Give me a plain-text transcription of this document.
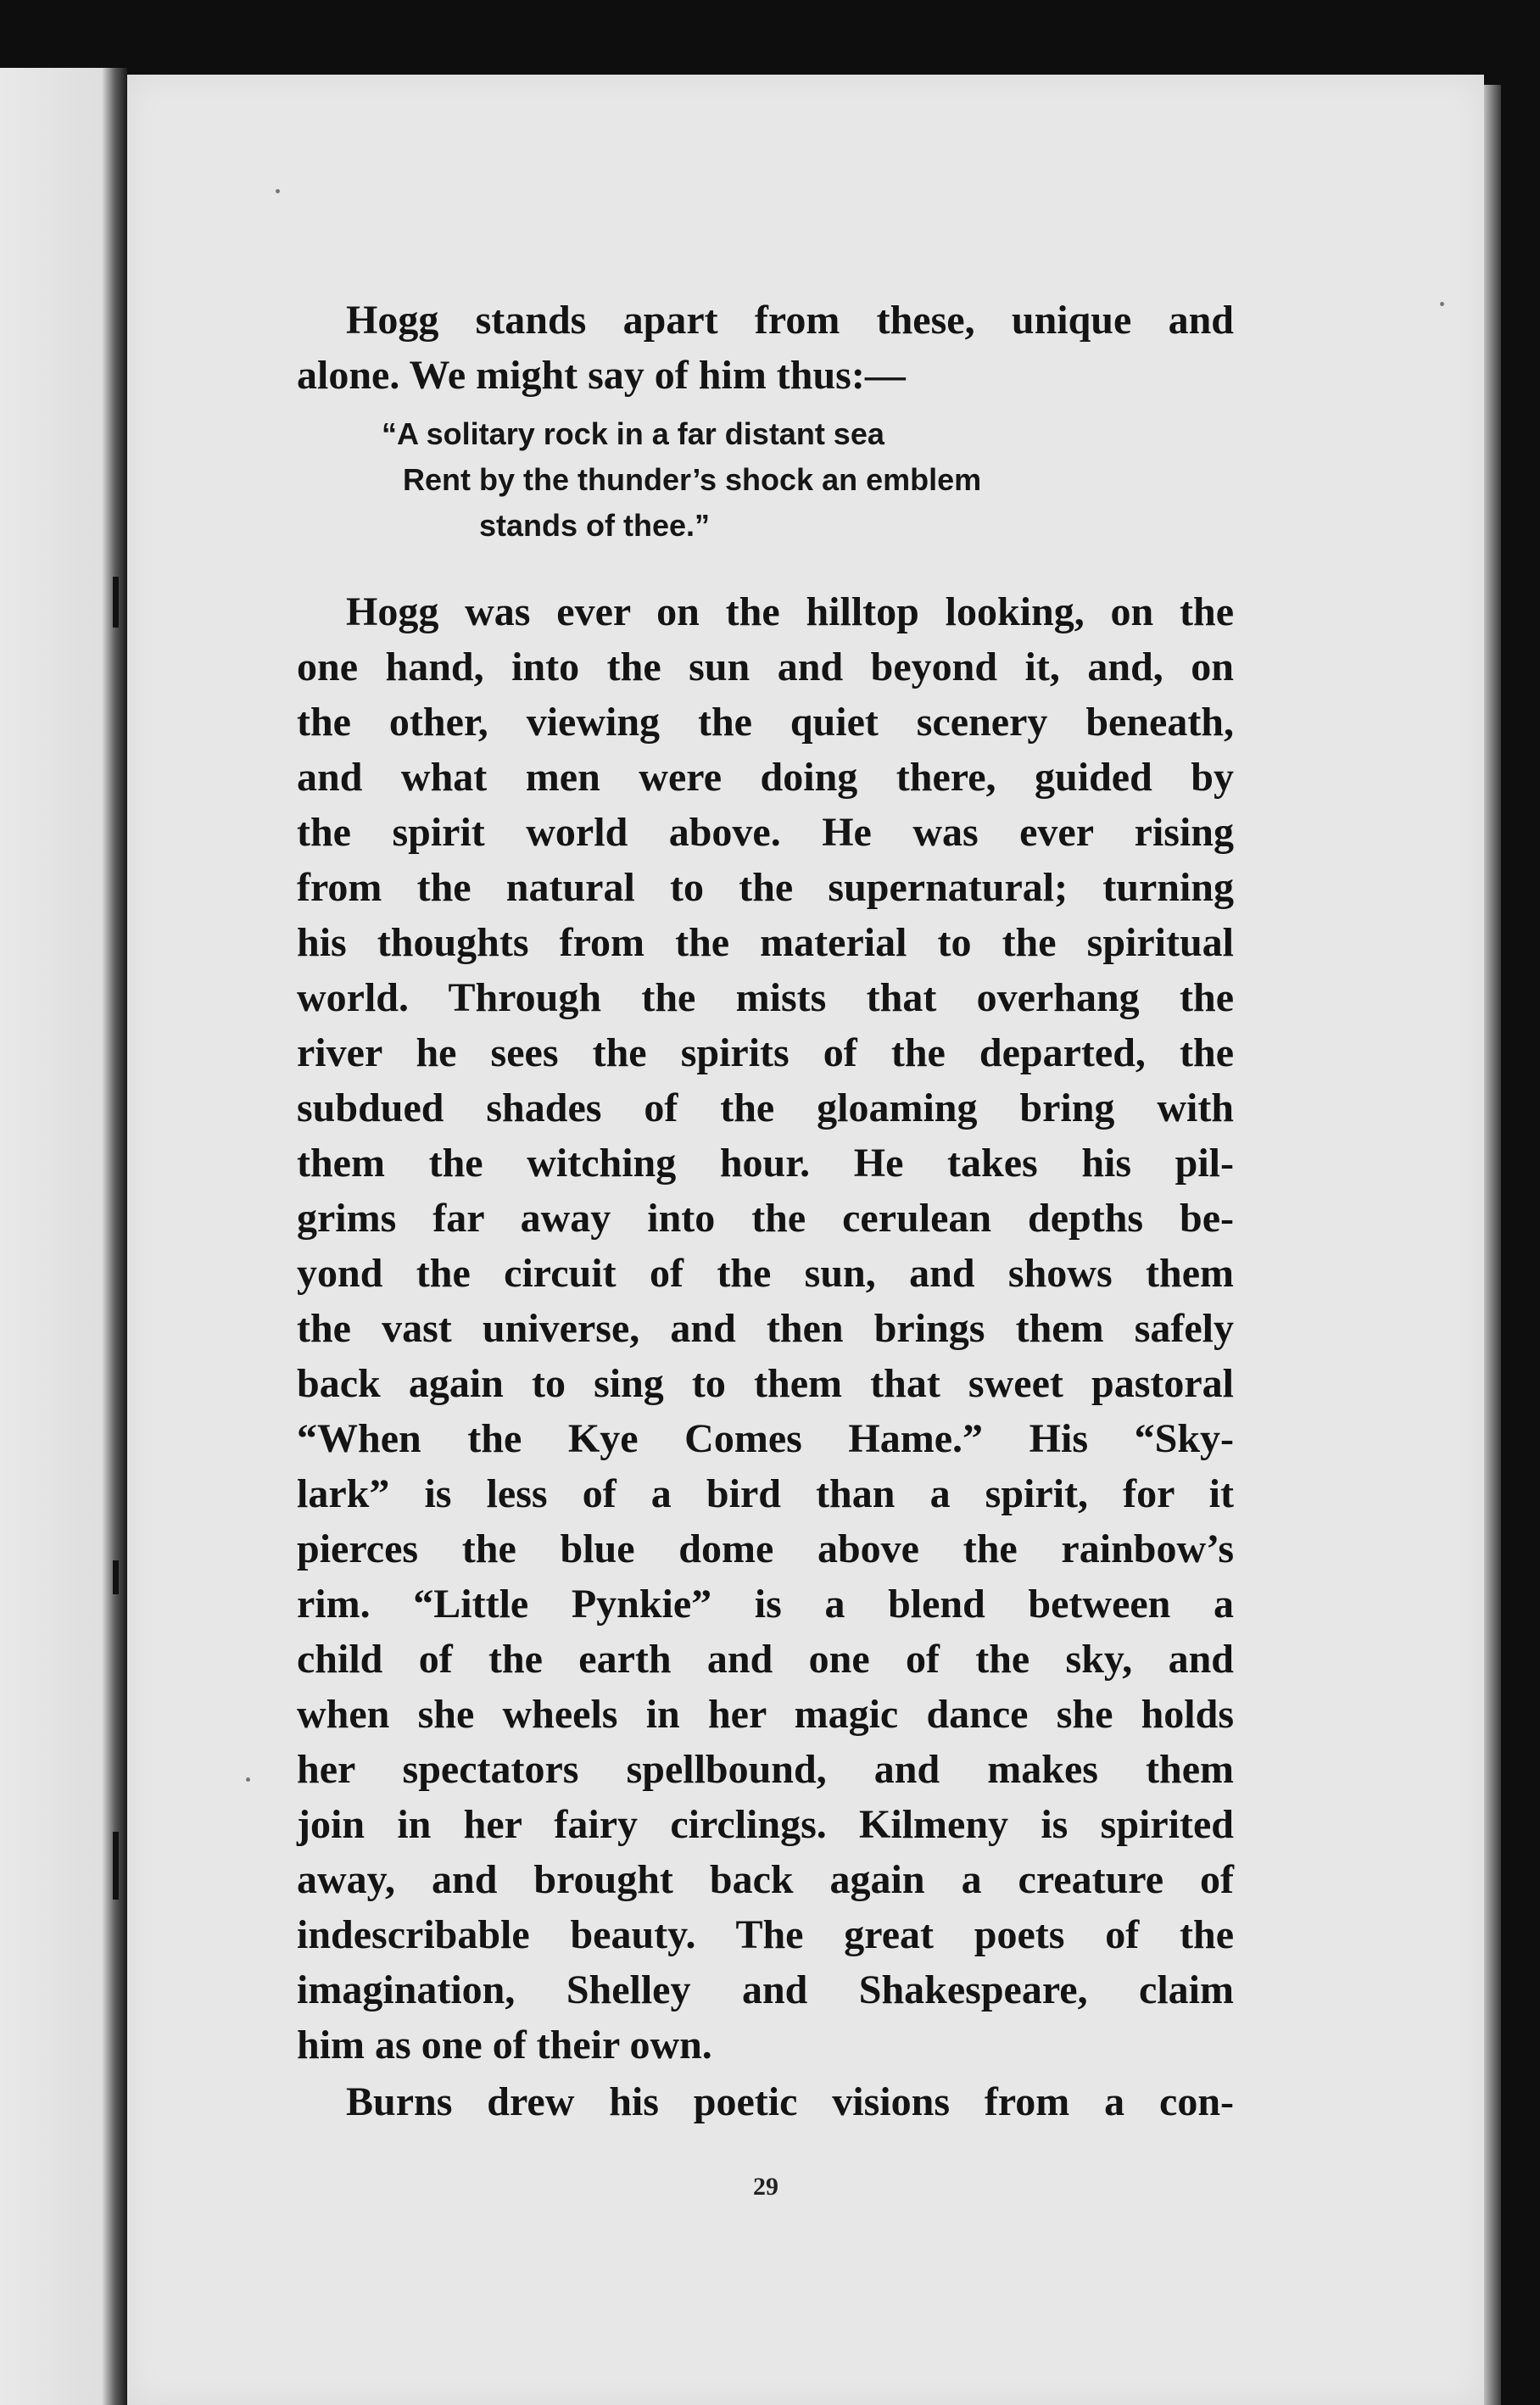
Hogg stands apart from these, unique and
alone. We might say of him thus:—
“A solitary rock in a far distant sea
Rent by the thunder’s shock an emblem
stands of thee.”
Hogg was ever on the hilltop looking, on the
one hand, into the sun and beyond it, and, on
the other, viewing the quiet scenery beneath,
and what men were doing there, guided by
the spirit world above. He was ever rising
from the natural to the supernatural; turning
his thoughts from the material to the spiritual
world. Through the mists that overhang the
river he sees the spirits of the departed, the
subdued shades of the gloaming bring with
them the witching hour. He takes his pil-
grims far away into the cerulean depths be-
yond the circuit of the sun, and shows them
the vast universe, and then brings them safely
back again to sing to them that sweet pastoral
“When the Kye Comes Hame.” His “Sky-
lark” is less of a bird than a spirit, for it
pierces the blue dome above the rainbow’s
rim. “Little Pynkie” is a blend between a
child of the earth and one of the sky, and
when she wheels in her magic dance she holds
her spectators spellbound, and makes them
join in her fairy circlings. Kilmeny is spirited
away, and brought back again a creature of
indescribable beauty. The great poets of the
imagination, Shelley and Shakespeare, claim
him as one of their own.
Burns drew his poetic visions from a con-
29
